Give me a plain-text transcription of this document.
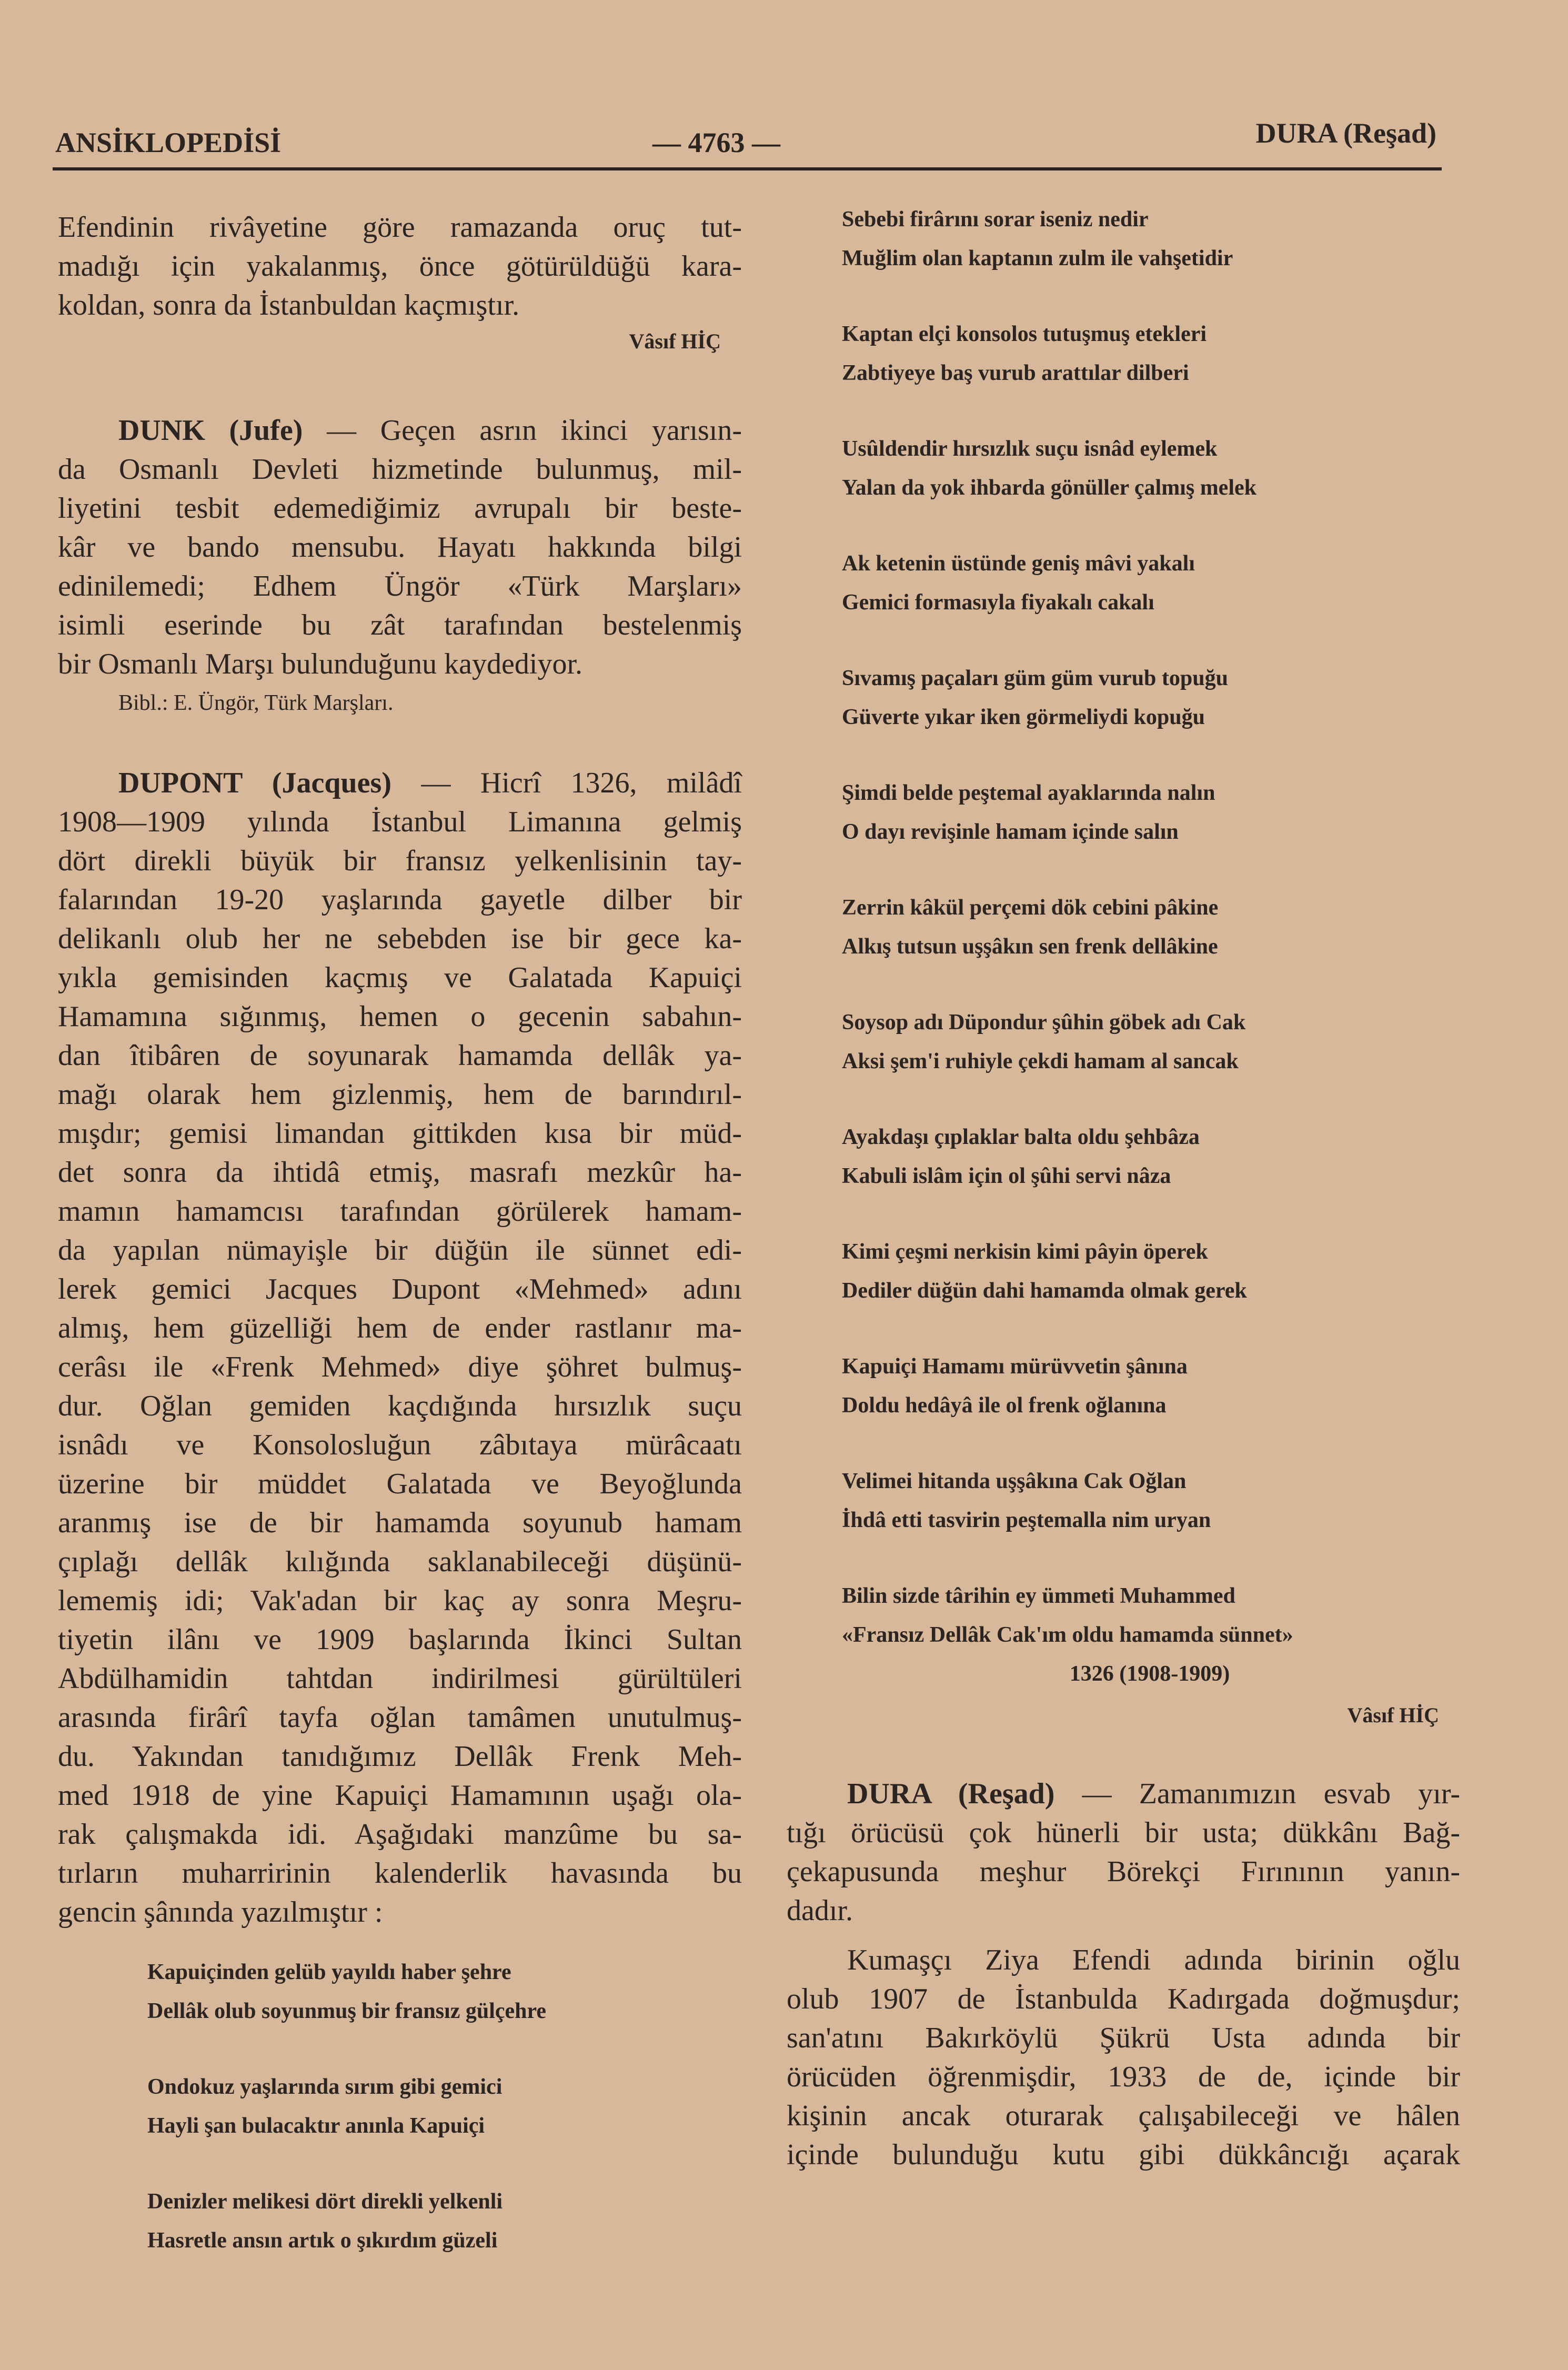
ANSİKLOPEDİSİ	— 4763 —	DURA (Reşad)
Efendinin rivâyetine göre ramazanda oruç tut-
madığı için yakalanmış, önce götürüldüğü kara-
koldan, sonra da İstanbuldan kaçmıştır.
Vâsıf HİÇ
DUNK (Jufe) — Geçen asrın ikinci yarısın-
da Osmanlı Devleti hizmetinde bulunmuş, mil-
liyetini tesbit edemediğimiz avrupalı bir beste-
kâr ve bando mensubu. Hayatı hakkında bilgi
edinilemedi; Edhem Üngör «Türk Marşları»
isimli eserinde bu zât tarafından bestelenmiş
bir Osmanlı Marşı bulunduğunu kaydediyor.
Bibl.: E. Üngör, Türk Marşları.
DUPONT (Jacques) — Hicrî 1326, milâdî
1908—1909 yılında İstanbul Limanına gelmiş
dört direkli büyük bir fransız yelkenlisinin tay-
falarından 19-20 yaşlarında gayetle dilber bir
delikanlı olub her ne sebebden ise bir gece ka-
yıkla gemisinden kaçmış ve Galatada Kapuiçi
Hamamına sığınmış, hemen o gecenin sabahın-
dan îtibâren de soyunarak hamamda dellâk ya-
mağı olarak hem gizlenmiş, hem de barındırıl-
mışdır; gemisi limandan gittikden kısa bir müd-
det sonra da ihtidâ etmiş, masrafı mezkûr ha-
mamın hamamcısı tarafından görülerek hamam-
da yapılan nümayişle bir düğün ile sünnet edi-
lerek gemici Jacques Dupont «Mehmed» adını
almış, hem güzelliği hem de ender rastlanır ma-
cerâsı ile «Frenk Mehmed» diye şöhret bulmuş-
dur. Oğlan gemiden kaçdığında hırsızlık suçu
isnâdı ve Konsolosluğun zâbıtaya mürâcaatı
üzerine bir müddet Galatada ve Beyoğlunda
aranmış ise de bir hamamda soyunub hamam
çıplağı dellâk kılığında saklanabileceği düşünü-
lememiş idi; Vak'adan bir kaç ay sonra Meşru-
tiyetin ilânı ve 1909 başlarında İkinci Sultan
Abdülhamidin tahtdan indirilmesi gürültüleri
arasında firârî tayfa oğlan tamâmen unutulmuş-
du. Yakından tanıdığımız Dellâk Frenk Meh-
med 1918 de yine Kapuiçi Hamamının uşağı ola-
rak çalışmakda idi. Aşağıdaki manzûme bu sa-
tırların muharririnin kalenderlik havasında bu
gencin şânında yazılmıştır :
Kapuiçinden gelüb yayıldı haber şehre
Dellâk olub soyunmuş bir fransız gülçehre
Ondokuz yaşlarında sırım gibi gemici
Hayli şan bulacaktır anınla Kapuiçi
Denizler melikesi dört direkli yelkenli
Hasretle ansın artık o şıkırdım güzeli
Sebebi firârını sorar iseniz nedir
Muğlim olan kaptanın zulm ile vahşetidir
Kaptan elçi konsolos tutuşmuş etekleri
Zabtiyeye baş vurub arattılar dilberi
Usûldendir hırsızlık suçu isnâd eylemek
Yalan da yok ihbarda gönüller çalmış melek
Ak ketenin üstünde geniş mâvi yakalı
Gemici formasıyla fiyakalı cakalı
Sıvamış paçaları güm güm vurub topuğu
Güverte yıkar iken görmeliydi kopuğu
Şimdi belde peştemal ayaklarında nalın
O dayı revişinle hamam içinde salın
Zerrin kâkül perçemi dök cebini pâkine
Alkış tutsun uşşâkın sen frenk dellâkine
Soysop adı Düpondur şûhin göbek adı Cak
Aksi şem'i ruhiyle çekdi hamam al sancak
Ayakdaşı çıplaklar balta oldu şehbâza
Kabuli islâm için ol şûhi servi nâza
Kimi çeşmi nerkisin kimi pâyin öperek
Dediler düğün dahi hamamda olmak gerek
Kapuiçi Hamamı mürüvvetin şânına
Doldu hedâyâ ile ol frenk oğlanına
Velimei hitanda uşşâkına Cak Oğlan
İhdâ etti tasvirin peştemalla nim uryan
Bilin sizde târihin ey ümmeti Muhammed
«Fransız Dellâk Cak'ım oldu hamamda sünnet»
1326 (1908-1909)
Vâsıf HİÇ
DURA (Reşad) — Zamanımızın esvab yır-
tığı örücüsü çok hünerli bir usta; dükkânı Bağ-
çekapusunda meşhur Börekçi Fırınının yanın-
dadır.
Kumaşçı Ziya Efendi adında birinin oğlu
olub 1907 de İstanbulda Kadırgada doğmuşdur;
san'atını Bakırköylü Şükrü Usta adında bir
örücüden öğrenmişdir, 1933 de de, içinde bir
kişinin ancak oturarak çalışabileceği ve hâlen
içinde bulunduğu kutu gibi dükkâncığı açarak
